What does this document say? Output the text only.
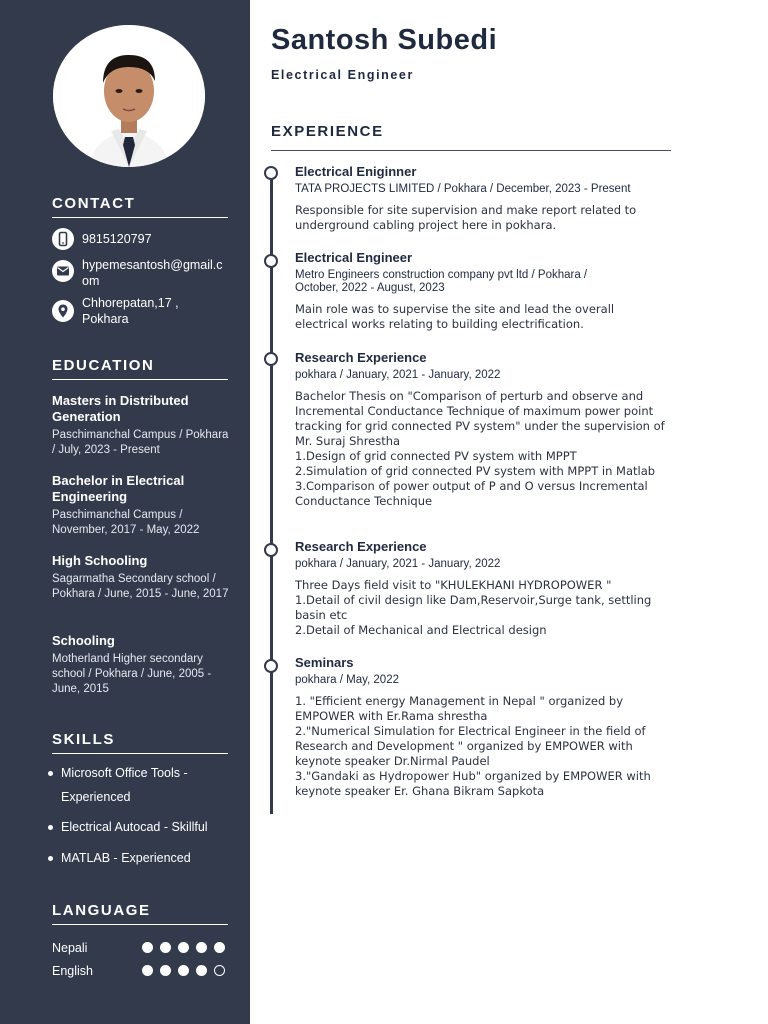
CONTACT
9815120797
hypemesantosh@gmail.com
Chhorepatan,17 , Pokhara
EDUCATION
Masters in Distributed Generation
Paschimanchal Campus / Pokhara / July, 2023 - Present
Bachelor in Electrical Engineering
Paschimanchal Campus / November, 2017 - May, 2022
High Schooling
Sagarmatha Secondary school / Pokhara / June, 2015 - June, 2017
Schooling
Motherland Higher secondary school / Pokhara / June, 2005 - June, 2015
SKILLS
Microsoft Office Tools - Experienced
Electrical Autocad - Skillful
MATLAB - Experienced
LANGUAGE
Nepali
English
Santosh Subedi
Electrical Engineer
EXPERIENCE
Electrical Eniginner
TATA PROJECTS LIMITED / Pokhara / December, 2023 - Present
Responsible for site supervision and make report related to underground cabling project here in pokhara.
Electrical Engineer
Metro Engineers construction company pvt ltd / Pokhara / October, 2022 - August, 2023
Main role was to supervise the site and lead the overall electrical works relating to building electrification.
Research Experience
pokhara / January, 2021 - January, 2022
Bachelor Thesis on "Comparison of perturb and observe and Incremental Conductance Technique of maximum power point tracking for grid connected PV system" under the supervision of Mr. Suraj Shrestha
1.Design of grid connected PV system with MPPT
2.Simulation of grid connected PV system with MPPT in Matlab
3.Comparison of power output of P and O versus Incremental Conductance Technique
Research Experience
pokhara / January, 2021 - January, 2022
Three Days field visit to "KHULEKHANI HYDROPOWER "
1.Detail of civil design like Dam,Reservoir,Surge tank, settling basin etc
2.Detail of Mechanical and Electrical design
Seminars
pokhara / May, 2022
1. "Efficient energy Management in Nepal " organized by EMPOWER with Er.Rama shrestha
2."Numerical Simulation for Electrical Engineer in the field of Research and Development " organized by EMPOWER with keynote speaker Dr.Nirmal Paudel
3."Gandaki as Hydropower Hub" organized by EMPOWER with keynote speaker Er. Ghana Bikram Sapkota
